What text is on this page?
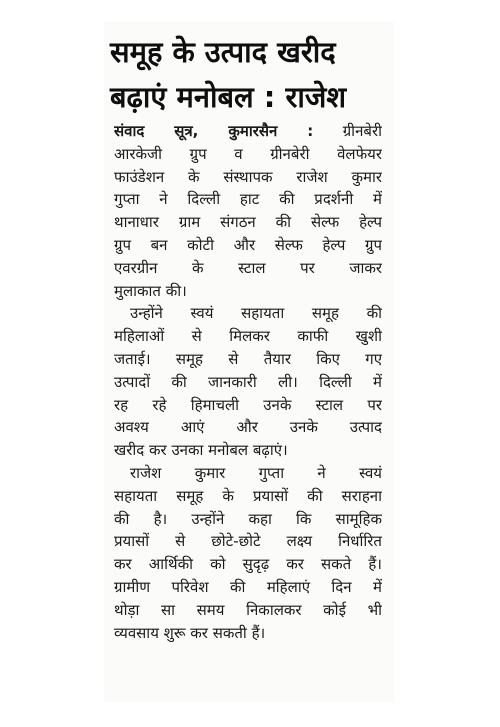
समूह के उत्पाद खरीद
बढ़ाएं मनोबल : राजेश
संवाद सूत्र, कुमारसैन : ग्रीनबेरी
आरकेजी ग्रुप व ग्रीनबेरी वेलफेयर
फाउंडेशन के संस्थापक राजेश कुमार
गुप्ता ने दिल्ली हाट की प्रदर्शनी में
थानाधार ग्राम संगठन की सेल्फ हेल्प
ग्रुप बन कोटी और सेल्फ हेल्प ग्रुप
एवरग्रीन के स्टाल पर जाकर
मुलाकात की।
उन्होंने स्वयं सहायता समूह की
महिलाओं से मिलकर काफी खुशी
जताई। समूह से तैयार किए गए
उत्पादों की जानकारी ली। दिल्ली में
रह रहे हिमाचली उनके स्टाल पर
अवश्य आएं और उनके उत्पाद
खरीद कर उनका मनोबल बढ़ाएं।
राजेश कुमार गुप्ता ने स्वयं
सहायता समूह के प्रयासों की सराहना
की है। उन्होंने कहा कि सामूहिक
प्रयासों से छोटे-छोटे लक्ष्य निर्धारित
कर आर्थिकी को सुदृढ़ कर सकते हैं।
ग्रामीण परिवेश की महिलाएं दिन में
थोड़ा सा समय निकालकर कोई भी
व्यवसाय शुरू कर सकती हैं।
